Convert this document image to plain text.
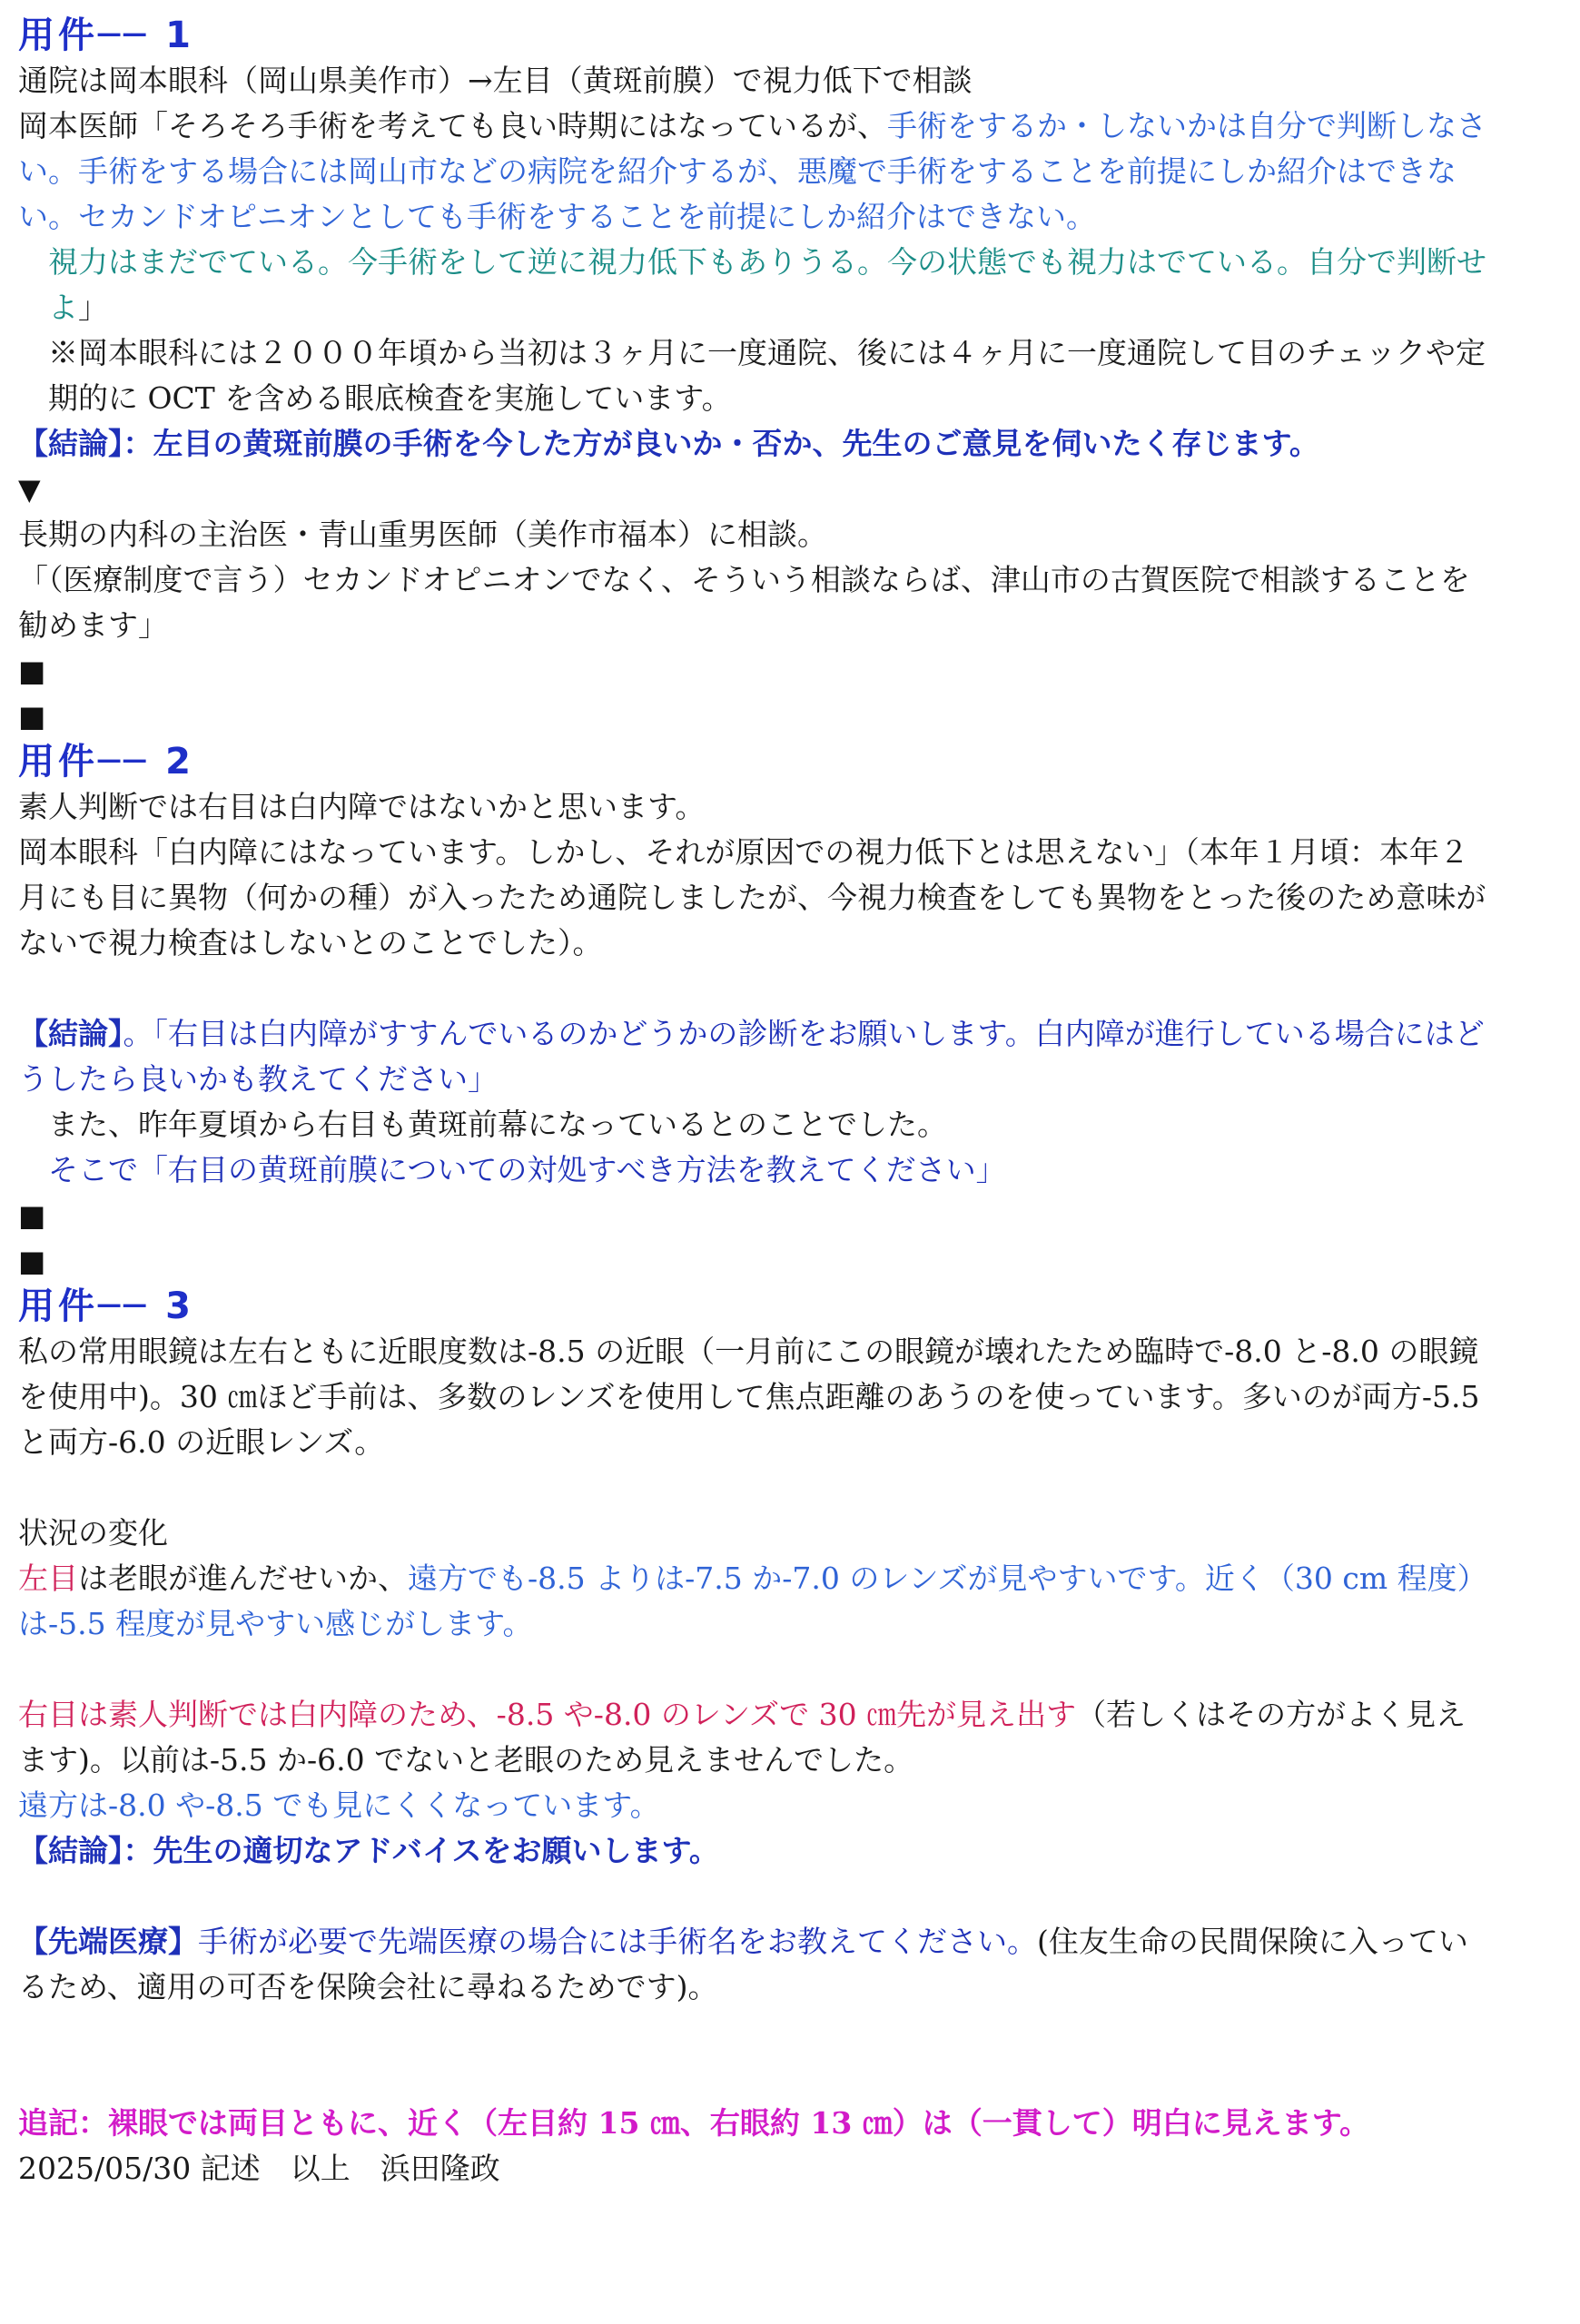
用件── 1
通院は岡本眼科（岡山県美作市）→左目（黄斑前膜）で視力低下で相談
岡本医師「そろそろ手術を考えても良い時期にはなっているが、手術をするか・しないかは自分で判断しなさい。手術をする場合には岡山市などの病院を紹介するが、悪魔で手術をすることを前提にしか紹介はできない。セカンドオピニオンとしても手術をすることを前提にしか紹介はできない。
視力はまだでている。今手術をして逆に視力低下もありうる。今の状態でも視力はでている。自分で判断せよ」
※岡本眼科には２０００年頃から当初は３ヶ月に一度通院、後には４ヶ月に一度通院して目のチェックや定期的に OCT を含める眼底検査を実施しています。
【結論】：左目の黄斑前膜の手術を今した方が良いか・否か、先生のご意見を伺いたく存じます。
▼
長期の内科の主治医・青山重男医師（美作市福本）に相談。
「（医療制度で言う）セカンドオピニオンでなく、そういう相談ならば、津山市の古賀医院で相談することを勧めます」
■
■
用件── 2
素人判断では右目は白内障ではないかと思います。
岡本眼科「白内障にはなっています。しかし、それが原因での視力低下とは思えない」（本年１月頃：本年２月にも目に異物（何かの種）が入ったため通院しましたが、今視力検査をしても異物をとった後のため意味がないで視力検査はしないとのことでした）。
【結論】。「右目は白内障がすすんでいるのかどうかの診断をお願いします。白内障が進行している場合にはどうしたら良いかも教えてください」
また、昨年夏頃から右目も黄斑前幕になっているとのことでした。
そこで「右目の黄斑前膜についての対処すべき方法を教えてください」
■
■
用件── 3
私の常用眼鏡は左右ともに近眼度数は-8.5 の近眼（一月前にこの眼鏡が壊れたため臨時で-8.0 と-8.0 の眼鏡を使用中)。30 ㎝ほど手前は、多数のレンズを使用して焦点距離のあうのを使っています。多いのが両方-5.5 と両方-6.0 の近眼レンズ。
状況の変化
左目は老眼が進んだせいか、遠方でも-8.5 よりは-7.5 か-7.0 のレンズが見やすいです。近く（30 cm 程度）は-5.5 程度が見やすい感じがします。
右目は素人判断では白内障のため、-8.5 や-8.0 のレンズで 30 ㎝先が見え出す（若しくはその方がよく見えます)。以前は-5.5 か-6.0 でないと老眼のため見えませんでした。
遠方は-8.0 や-8.5 でも見にくくなっています。
【結論】：先生の適切なアドバイスをお願いします。
【先端医療】手術が必要で先端医療の場合には手術名をお教えてください。(住友生命の民間保険に入っているため、適用の可否を保険会社に尋ねるためです)。
追記：裸眼では両目ともに、近く（左目約 15 ㎝、右眼約 13 ㎝）は（一貫して）明白に見えます。
2025/05/30 記述　以上　浜田隆政
